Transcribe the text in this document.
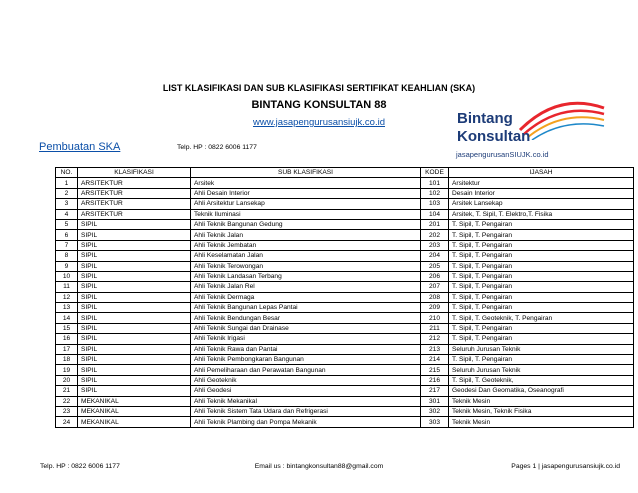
LIST KLASIFIKASI DAN SUB KLASIFIKASI SERTIFIKAT KEAHLIAN (SKA)
BINTANG KONSULTAN 88
www.jasapengurusansiujk.co.id	Bintang
Konsultan
jasapengurusanSIUJK.co.id
Pembuatan SKA	Telp. HP : 0822 6006 1177
NO.	KLASIFIKASI	SUB KLASIFIKASI	KODE	IJASAH
1	ARSITEKTUR	Arsitek	101	Arsitektur
2	ARSITEKTUR	Ahli Desain Interior	102	Desain Interior
3	ARSITEKTUR	Ahli Arsitektur Lansekap	103	Arsitek Lansekap
4	ARSITEKTUR	Teknik Iluminasi	104	Arsitek, T. Sipil, T. Elektro,T. Fisika
5	SIPIL	Ahli Teknik Bangunan Gedung	201	T. Sipil, T. Pengairan
6	SIPIL	Ahli Teknik Jalan	202	T. Sipil, T. Pengairan
7	SIPIL	Ahli Teknik Jembatan	203	T. Sipil, T. Pengairan
8	SIPIL	Ahli Keselamatan Jalan	204	T. Sipil, T. Pengairan
9	SIPIL	Ahli Teknik Terowongan	205	T. Sipil, T. Pengairan
10	SIPIL	Ahli Teknik Landasan Terbang	206	T. Sipil, T. Pengairan
11	SIPIL	Ahli Teknik Jalan Rel	207	T. Sipil, T. Pengairan
12	SIPIL	Ahli Teknik Dermaga	208	T. Sipil, T. Pengairan
13	SIPIL	Ahli Teknik Bangunan Lepas Pantai	209	T. Sipil, T. Pengairan
14	SIPIL	Ahli Teknik Bendungan Besar	210	T. Sipil, T. Geoteknik, T. Pengairan
15	SIPIL	Ahli Teknik Sungai dan Drainase	211	T. Sipil, T. Pengairan
16	SIPIL	Ahli Teknik Irigasi	212	T. Sipil, T. Pengairan
17	SIPIL	Ahli Teknik Rawa dan Pantai	213	Seluruh Jurusan Teknik
18	SIPIL	Ahli Teknik Pembongkaran Bangunan	214	T. Sipil, T. Pengairan
19	SIPIL	Ahli Pemeliharaan dan Perawatan Bangunan	215	Seluruh Jurusan Teknik
20	SIPIL	Ahli Geoteknik	216	T. Sipil, T. Geoteknik,
21	SIPIL	Ahli Geodesi	217	Geodesi Dan Geomatika, Oseanografi
22	MEKANIKAL	Ahli Teknik Mekanikal	301	Teknik Mesin
23	MEKANIKAL	Ahli Teknik Sistem Tata Udara dan Refrigerasi	302	Teknik Mesin, Teknik Fisika
24	MEKANIKAL	Ahli Teknik Plambing dan Pompa Mekanik	303	Teknik Mesin
Telp. HP : 0822 6006 1177	Email us : bintangkonsultan88@gmail.com	Pages 1 | jasapengurusansiujk.co.id
